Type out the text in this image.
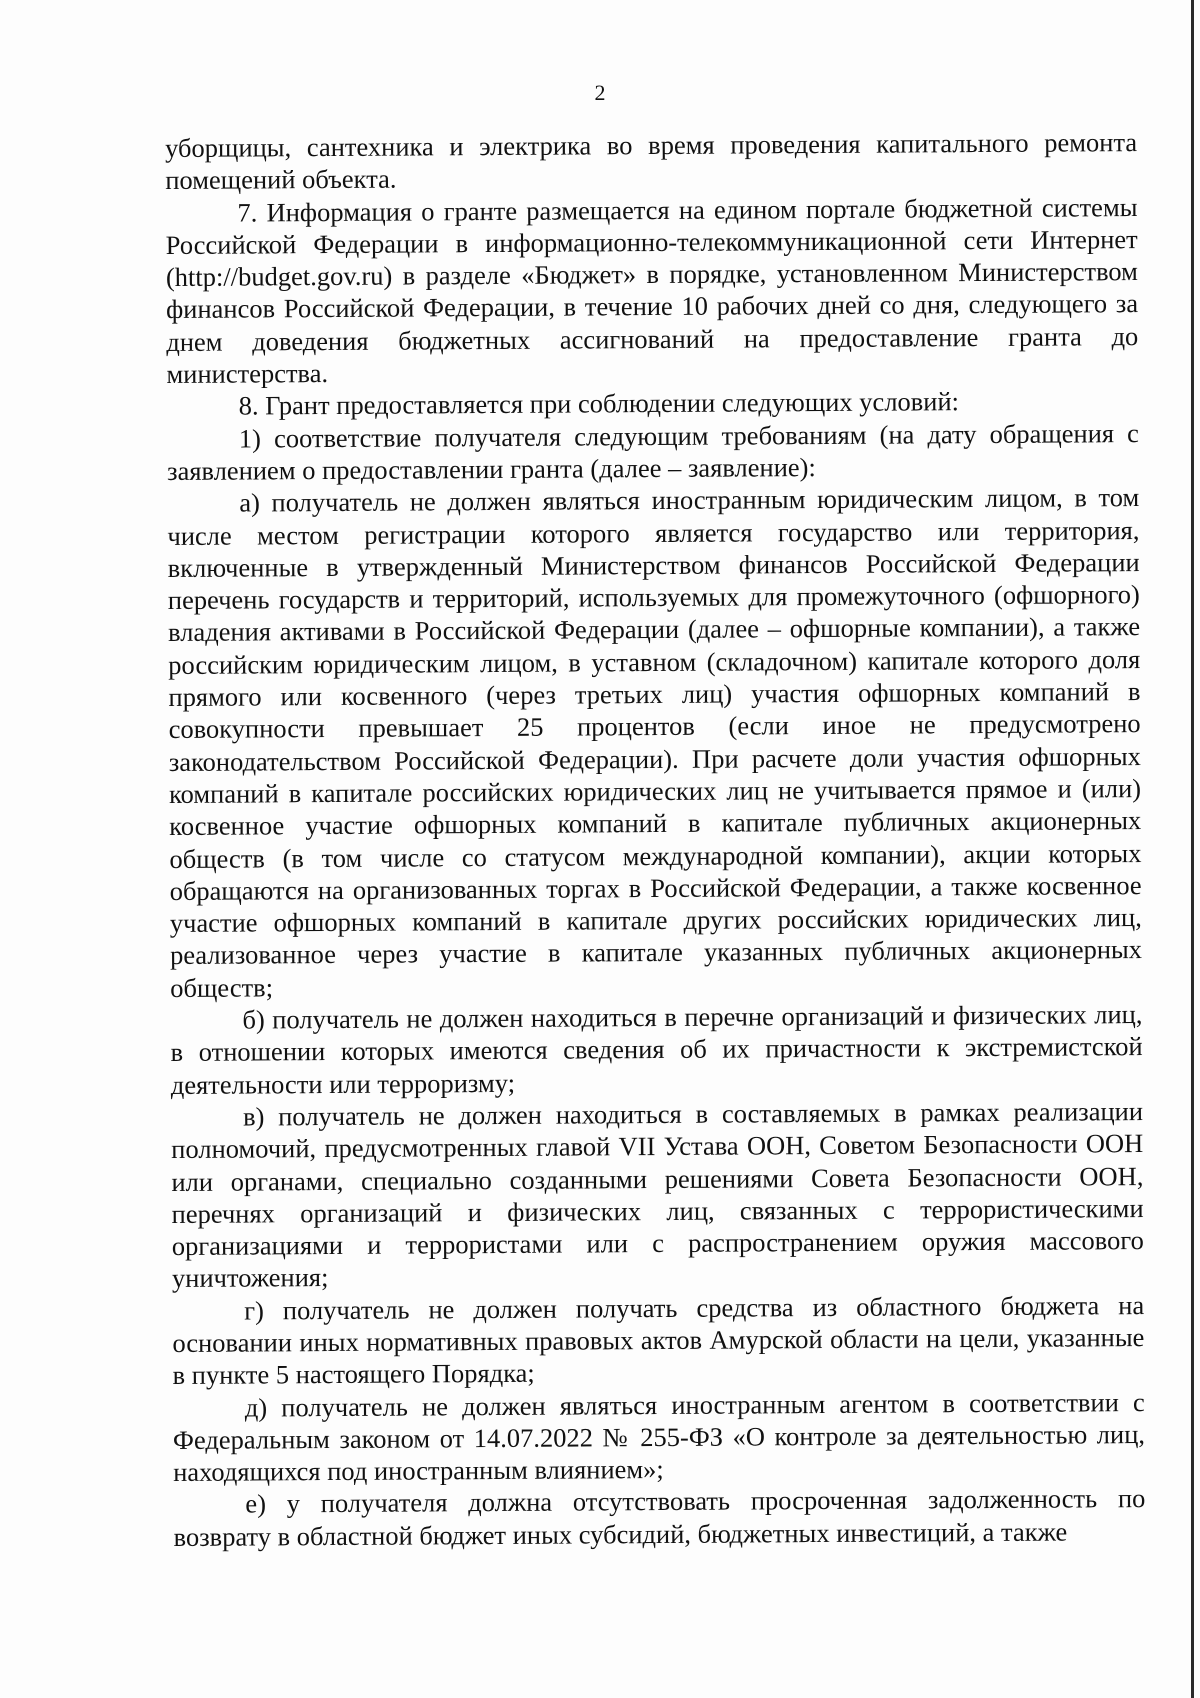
2

уборщицы, сантехника и электрика во время проведения капитального ремонта помещений объекта.

7. Информация о гранте размещается на едином портале бюджетной системы Российской Федерации в информационно-телекоммуникационной сети Интернет (http://budget.gov.ru) в разделе «Бюджет» в порядке, установленном Министерством финансов Российской Федерации, в течение 10 рабочих дней со дня, следующего за днем доведения бюджетных ассигнований на предоставление гранта до министерства.

8. Грант предоставляется при соблюдении следующих условий:

1) соответствие получателя следующим требованиям (на дату обращения с заявлением о предоставлении гранта (далее – заявление):

а) получатель не должен являться иностранным юридическим лицом, в том числе местом регистрации которого является государство или территория, включенные в утвержденный Министерством финансов Российской Федерации перечень государств и территорий, используемых для промежуточного (офшорного) владения активами в Российской Федерации (далее – офшорные компании), а также российским юридическим лицом, в уставном (складочном) капитале которого доля прямого или косвенного (через третьих лиц) участия офшорных компаний в совокупности превышает 25 процентов (если иное не предусмотрено законодательством Российской Федерации). При расчете доли участия офшорных компаний в капитале российских юридических лиц не учитывается прямое и (или) косвенное участие офшорных компаний в капитале публичных акционерных обществ (в том числе со статусом международной компании), акции которых обращаются на организованных торгах в Российской Федерации, а также косвенное участие офшорных компаний в капитале других российских юридических лиц, реализованное через участие в капитале указанных публичных акционерных обществ;

б) получатель не должен находиться в перечне организаций и физических лиц, в отношении которых имеются сведения об их причастности к экстремистской деятельности или терроризму;

в) получатель не должен находиться в составляемых в рамках реализации полномочий, предусмотренных главой VII Устава ООН, Советом Безопасности ООН или органами, специально созданными решениями Совета Безопасности ООН, перечнях организаций и физических лиц, связанных с террористическими организациями и террористами или с распространением оружия массового уничтожения;

г) получатель не должен получать средства из областного бюджета на основании иных нормативных правовых актов Амурской области на цели, указанные в пункте 5 настоящего Порядка;

д) получатель не должен являться иностранным агентом в соответствии с Федеральным законом от 14.07.2022 № 255-ФЗ «О контроле за деятельностью лиц, находящихся под иностранным влиянием»;

е) у получателя должна отсутствовать просроченная задолженность по возврату в областной бюджет иных субсидий, бюджетных инвестиций, а также
